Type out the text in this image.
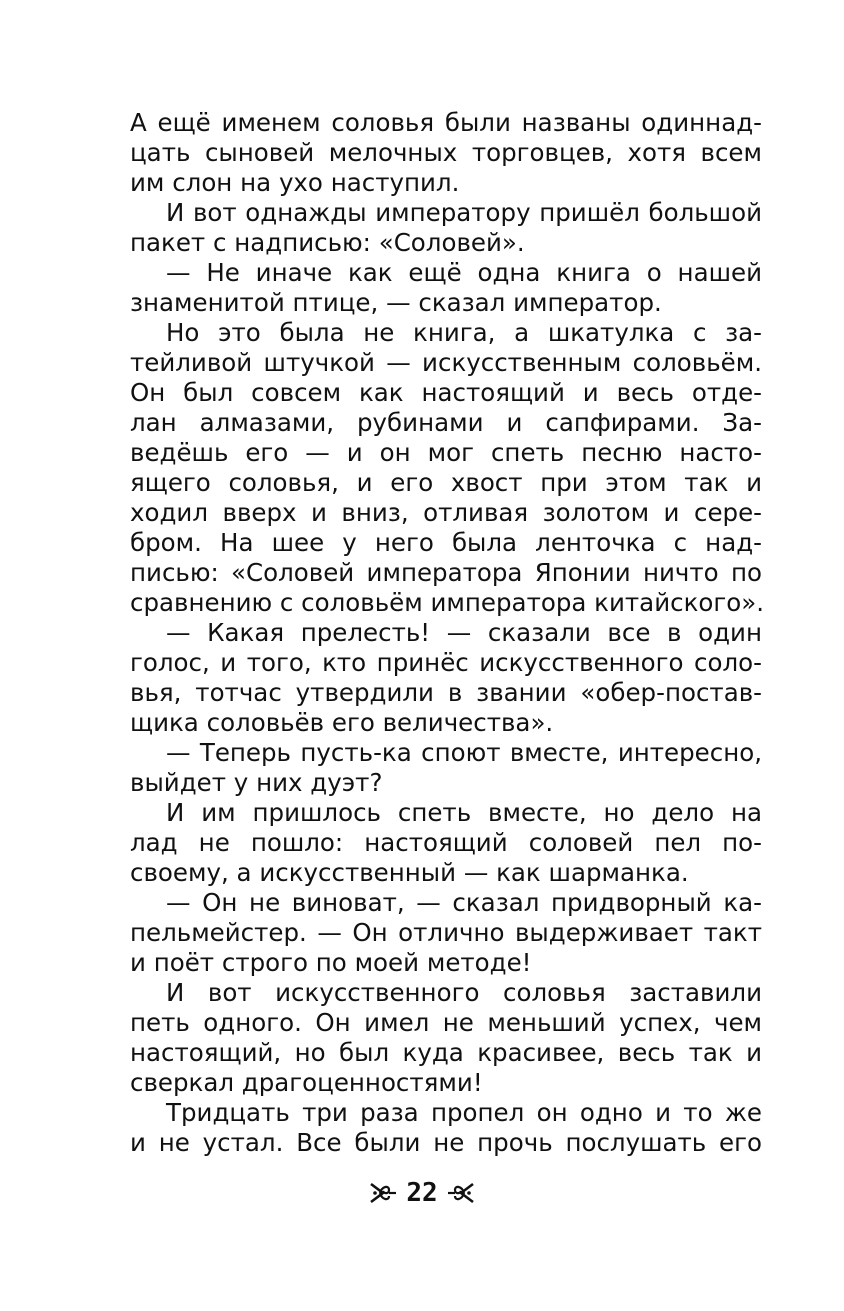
А ещё именем соловья были названы одиннад-
цать сыновей мелочных торговцев, хотя всем
им слон на ухо наступил.
И вот однажды императору пришёл большой
пакет с надписью: «Соловей».
— Не иначе как ещё одна книга о нашей
знаменитой птице, — сказал император.
Но это была не книга, а шкатулка с за-
тейливой штучкой — искусственным соловьём.
Он был совсем как настоящий и весь отде-
лан алмазами, рубинами и сапфирами. За-
ведёшь его — и он мог спеть песню насто-
ящего соловья, и его хвост при этом так и
ходил вверх и вниз, отливая золотом и сере-
бром. На шее у него была ленточка с над-
писью: «Соловей императора Японии ничто по
сравнению с соловьём императора китайского».
— Какая прелесть! — сказали все в один
голос, и того, кто принёс искусственного соло-
вья, тотчас утвердили в звании «обер-постав-
щика соловьёв его величества».
— Теперь пусть-ка споют вместе, интересно,
выйдет у них дуэт?
И им пришлось спеть вместе, но дело на
лад не пошло: настоящий соловей пел по-
своему, а искусственный — как шарманка.
— Он не виноват, — сказал придворный ка-
пельмейстер. — Он отлично выдерживает такт
и поёт строго по моей методе!
И вот искусственного соловья заставили
петь одного. Он имел не меньший успех, чем
настоящий, но был куда красивее, весь так и
сверкал драгоценностями!
Тридцать три раза пропел он одно и то же
и не устал. Все были не прочь послушать его
22
